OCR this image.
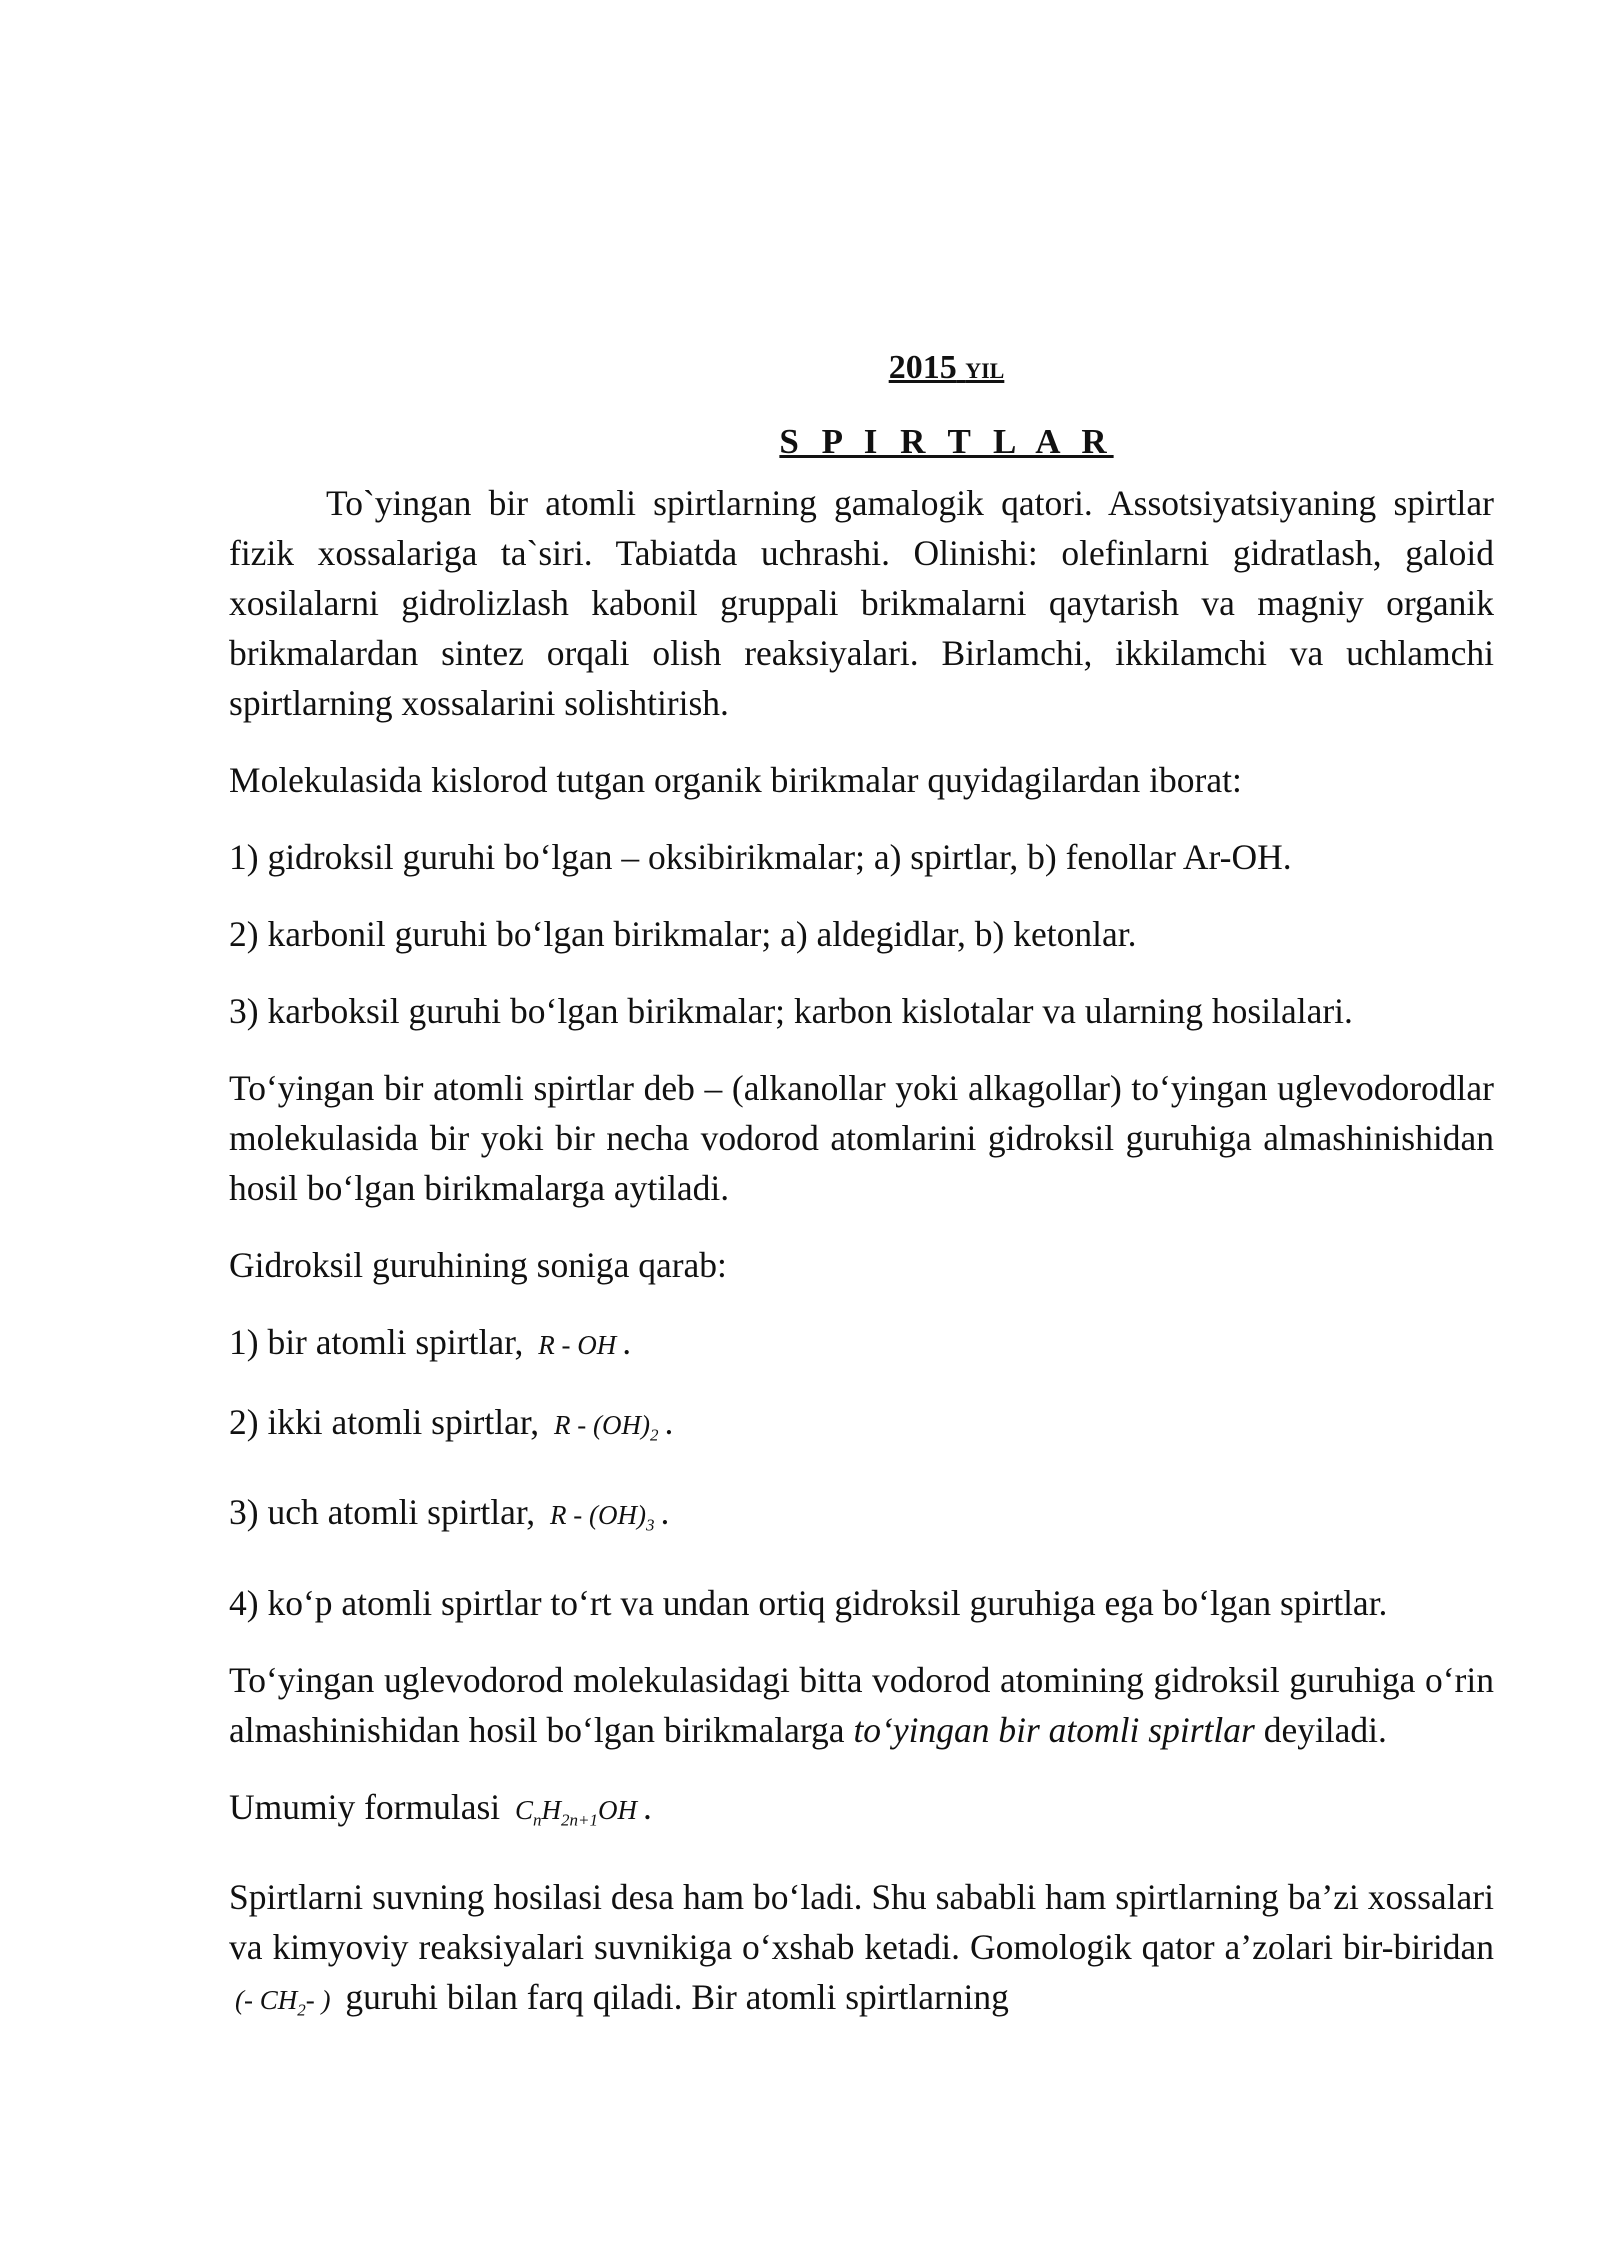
2015 YIL
S P I R T L A R

To`yingan bir atomli spirtlarning gamalogik qatori. Assotsiyatsiyaning spirtlar fizik xossalariga ta`siri. Tabiatda uchrashi. Olinishi: olefinlarni gidratlash, galoid xosilalarni gidrolizlash kabonil gruppali brikmalarni qaytarish va magniy organik brikmalardan sintez orqali olish reaksiyalari. Birlamchi, ikkilamchi va uchlamchi spirtlarning xossalarini solishtirish.

Molekulasida kislorod tutgan organik birikmalar quyidagilardan iborat:

1) gidroksil guruhi bo‘lgan – oksibirikmalar; a) spirtlar, b) fenollar Ar-OH.

2) karbonil guruhi bo‘lgan birikmalar; a) aldegidlar, b) ketonlar.

3) karboksil guruhi bo‘lgan birikmalar; karbon kislotalar va ularning hosilalari.

To‘yingan bir atomli spirtlar deb – (alkanollar yoki alkagollar) to‘yingan uglevodorodlar molekulasida bir yoki bir necha vodorod atomlarini gidroksil guruhiga almashinishidan hosil bo‘lgan birikmalarga aytiladi.

Gidroksil guruhining soniga qarab:

1) bir atomli spirtlar, R - OH .

2) ikki atomli spirtlar, R - $(OH)_2$ .

3) uch atomli spirtlar, R - $(OH)_3$ .

4) ko‘p atomli spirtlar to‘rt va undan ortiq gidroksil guruhiga ega bo‘lgan spirtlar.

To‘yingan uglevodorod molekulasidagi bitta vodorod atomining gidroksil guruhiga o‘rin almashinishidan hosil bo‘lgan birikmalarga to‘yingan bir atomli spirtlar deyiladi.

Umumiy formulasi $C_nH_{2n+1}OH$ .

Spirtlarni suvning hosilasi desa ham bo‘ladi. Shu sababli ham spirtlarning ba’zi xossalari va kimyoviy reaksiyalari suvnikiga o‘xshab ketadi. Gomologik qator a’zolari bir-biridan (- $CH_2-$ ) guruhi bilan farq qiladi. Bir atomli spirtlarning
